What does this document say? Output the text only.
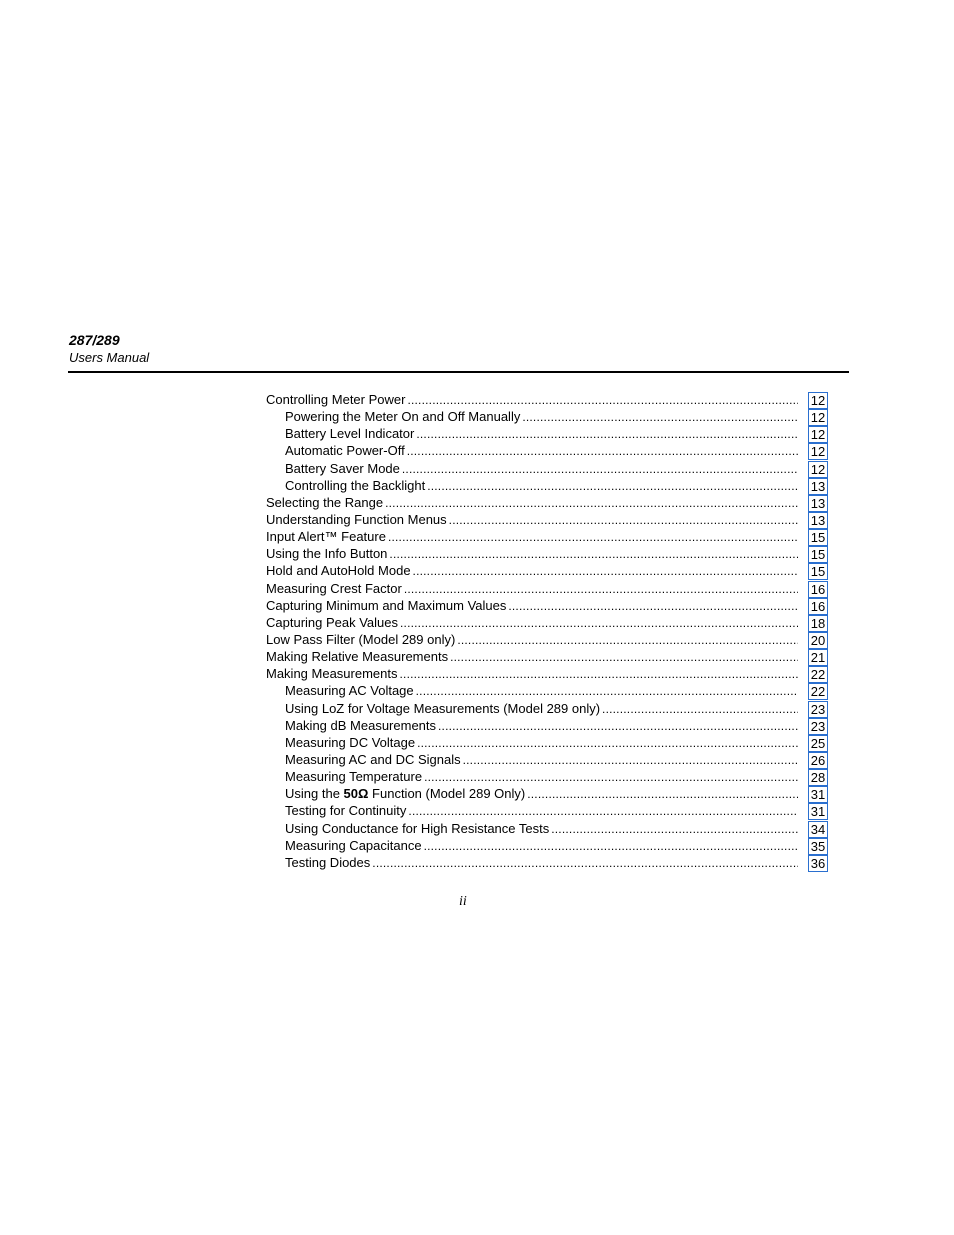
287/289
Users Manual
Controlling Meter Power .....	12
Powering the Meter On and Off Manually .....	12
Battery Level Indicator .....	12
Automatic Power-Off .....	12
Battery Saver Mode .....	12
Controlling the Backlight .....	13
Selecting the Range .....	13
Understanding Function Menus .....	13
Input Alert™ Feature .....	15
Using the Info Button .....	15
Hold and AutoHold Mode .....	15
Measuring Crest Factor .....	16
Capturing Minimum and Maximum Values .....	16
Capturing Peak Values .....	18
Low Pass Filter (Model 289 only) .....	20
Making Relative Measurements .....	21
Making Measurements .....	22
Measuring AC Voltage .....	22
Using LoZ for Voltage Measurements (Model 289 only) .....	23
Making dB Measurements .....	23
Measuring DC Voltage .....	25
Measuring AC and DC Signals .....	26
Measuring Temperature .....	28
Using the 50Ω Function (Model 289 Only) .....	31
Testing for Continuity .....	31
Using Conductance for High Resistance Tests .....	34
Measuring Capacitance .....	35
Testing Diodes .....	36
ii
